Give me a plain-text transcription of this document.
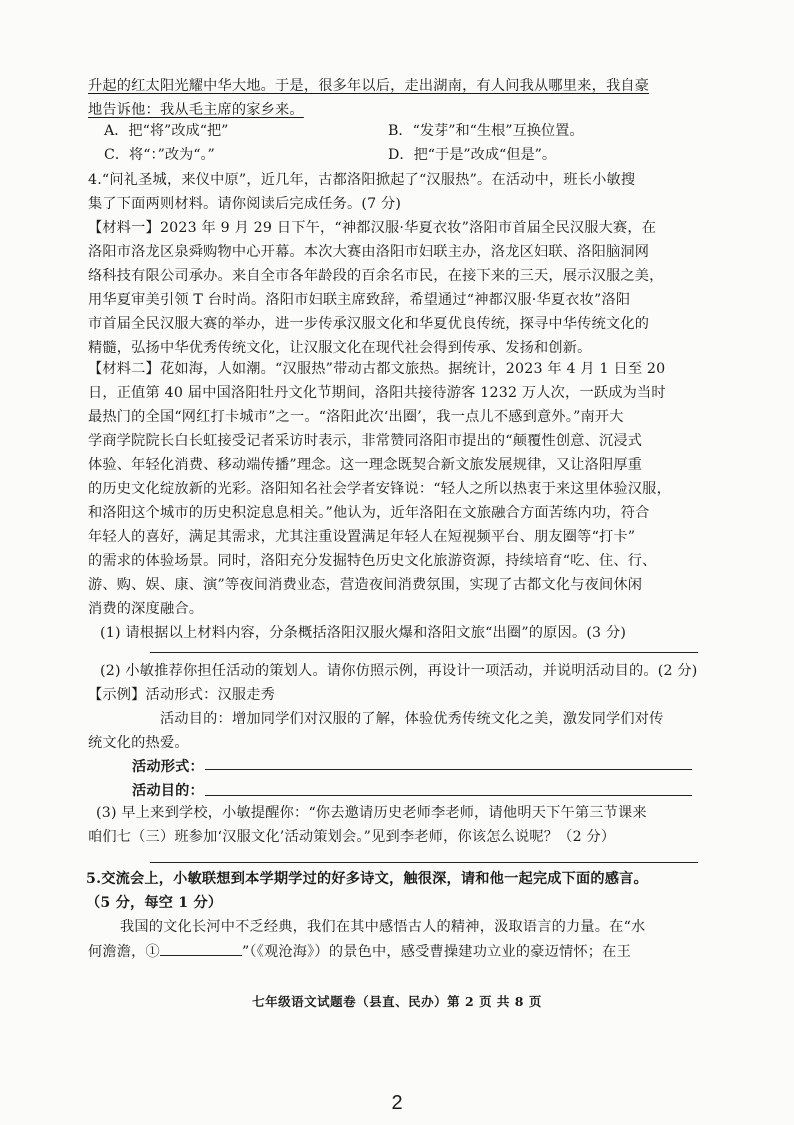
升起的红太阳光耀中华大地。于是，很多年以后，走出湖南，有人问我从哪里来，我自豪
地告诉他：我从毛主席的家乡来。
A．把“将”改成“把”	B．“发芽”和“生根”互换位置。
C．将“：”改为“。”	D．把“于是”改成“但是”。
4.“问礼圣城，来仪中原”，近几年，古都洛阳掀起了“汉服热”。在活动中，班长小敏搜
集了下面两则材料。请你阅读后完成任务。(7 分)
【材料一】2023 年 9 月 29 日下午，“神都汉服·华夏衣妆”洛阳市首届全民汉服大赛，在
洛阳市洛龙区泉舜购物中心开幕。本次大赛由洛阳市妇联主办，洛龙区妇联、洛阳脑洞网
络科技有限公司承办。来自全市各年龄段的百余名市民，在接下来的三天，展示汉服之美，
用华夏审美引领 T 台时尚。洛阳市妇联主席致辞，希望通过“神都汉服·华夏衣妆”洛阳
市首届全民汉服大赛的举办，进一步传承汉服文化和华夏优良传统，探寻中华传统文化的
精髓，弘扬中华优秀传统文化，让汉服文化在现代社会得到传承、发扬和创新。
【材料二】花如海，人如潮。“汉服热”带动古都文旅热。据统计，2023 年 4 月 1 日至 20
日，正值第 40 届中国洛阳牡丹文化节期间，洛阳共接待游客 1232 万人次，一跃成为当时
最热门的全国“网红打卡城市”之一。“洛阳此次‘出圈’，我一点儿不感到意外。”南开大
学商学院院长白长虹接受记者采访时表示，非常赞同洛阳市提出的“颠覆性创意、沉浸式
体验、年轻化消费、移动端传播”理念。这一理念既契合新文旅发展规律，又让洛阳厚重
的历史文化绽放新的光彩。洛阳知名社会学者安锋说：“轻人之所以热衷于来这里体验汉服，
和洛阳这个城市的历史积淀息息相关。”他认为，近年洛阳在文旅融合方面苦练内功，符合
年轻人的喜好，满足其需求，尤其注重设置满足年轻人在短视频平台、朋友圈等“打卡”
的需求的体验场景。同时，洛阳充分发掘特色历史文化旅游资源，持续培育“吃、住、行、
游、购、娱、康、演”等夜间消费业态，营造夜间消费氛围，实现了古都文化与夜间休闲
消费的深度融合。
(1) 请根据以上材料内容，分条概括洛阳汉服火爆和洛阳文旅“出圈”的原因。(3 分)
(2) 小敏推荐你担任活动的策划人。请你仿照示例，再设计一项活动，并说明活动目的。(2 分)
【示例】活动形式：汉服走秀
活动目的：增加同学们对汉服的了解，体验优秀传统文化之美，激发同学们对传
统文化的热爱。
活动形式：
活动目的：
(3) 早上来到学校，小敏提醒你：“你去邀请历史老师李老师，请他明天下午第三节课来
咱们七（三）班参加‘汉服文化’活动策划会。”见到李老师，你该怎么说呢？（2 分）
5.交流会上，小敏联想到本学期学过的好多诗文，触很深，请和他一起完成下面的感言。
（5 分，每空 1 分）
我国的文化长河中不乏经典，我们在其中感悟古人的精神，汲取语言的力量。在“水
何澹澹，①	”（《观沧海》）的景色中，感受曹操建功立业的豪迈情怀；在王
七年级语文试题卷（县直、民办）第 2 页 共 8 页
2
